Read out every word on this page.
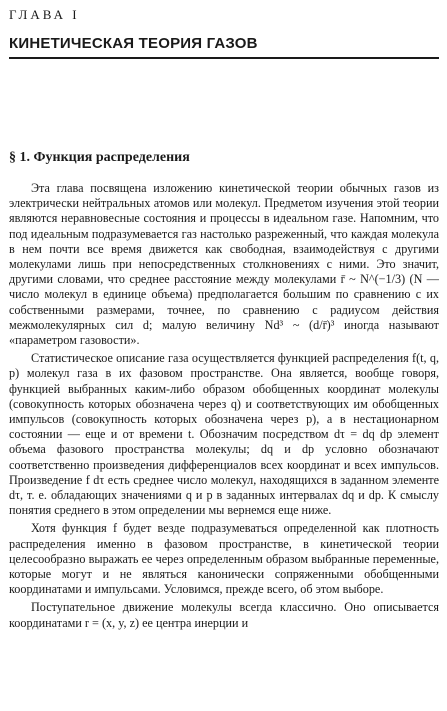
ГЛАВА I
КИНЕТИЧЕСКАЯ ТЕОРИЯ ГАЗОВ
§ 1. Функция распределения

Эта глава посвящена изложению кинетической теории обычных газов из электрически нейтральных атомов или молекул. Предметом изучения этой теории являются неравновесные состояния и процессы в идеальном газе. Напомним, что под идеальным подразумевается газ настолько разреженный, что каждая молекула в нем почти все время движется как свободная, взаимодействуя с другими молекулами лишь при непосредственных столкновениях с ними. Это значит, другими словами, что среднее расстояние между молекулами r̄ ~ N^(−1/3) (N — число молекул в единице объема) предполагается большим по сравнению с их собственными размерами, точнее, по сравнению с радиусом действия межмолекулярных сил d; малую величину Nd³ ~ (d/r̄)³ иногда называют «параметром газовости».

Статистическое описание газа осуществляется функцией распределения f(t, q, p) молекул газа в их фазовом пространстве. Она является, вообще говоря, функцией выбранных каким-либо образом обобщенных координат молекулы (совокупность которых обозначена через q) и соответствующих им обобщенных импульсов (совокупность которых обозначена через p), а в нестационарном состоянии — еще и от времени t. Обозначим посредством dτ = dq dp элемент объема фазового пространства молекулы; dq и dp условно обозначают соответственно произведения дифференциалов всех координат и всех импульсов. Произведение f dτ есть среднее число молекул, находящихся в заданном элементе dτ, т. е. обладающих значениями q и p в заданных интервалах dq и dp. К смыслу понятия среднего в этом определении мы вернемся еще ниже.

Хотя функция f будет везде подразумеваться определенной как плотность распределения именно в фазовом пространстве, в кинетической теории целесообразно выражать ее через определенным образом выбранные переменные, которые могут и не являться канонически сопряженными обобщенными координатами и импульсами. Условимся, прежде всего, об этом выборе.

Поступательное движение молекулы всегда классично. Оно описывается координатами r = (x, y, z) ее центра инерции и
